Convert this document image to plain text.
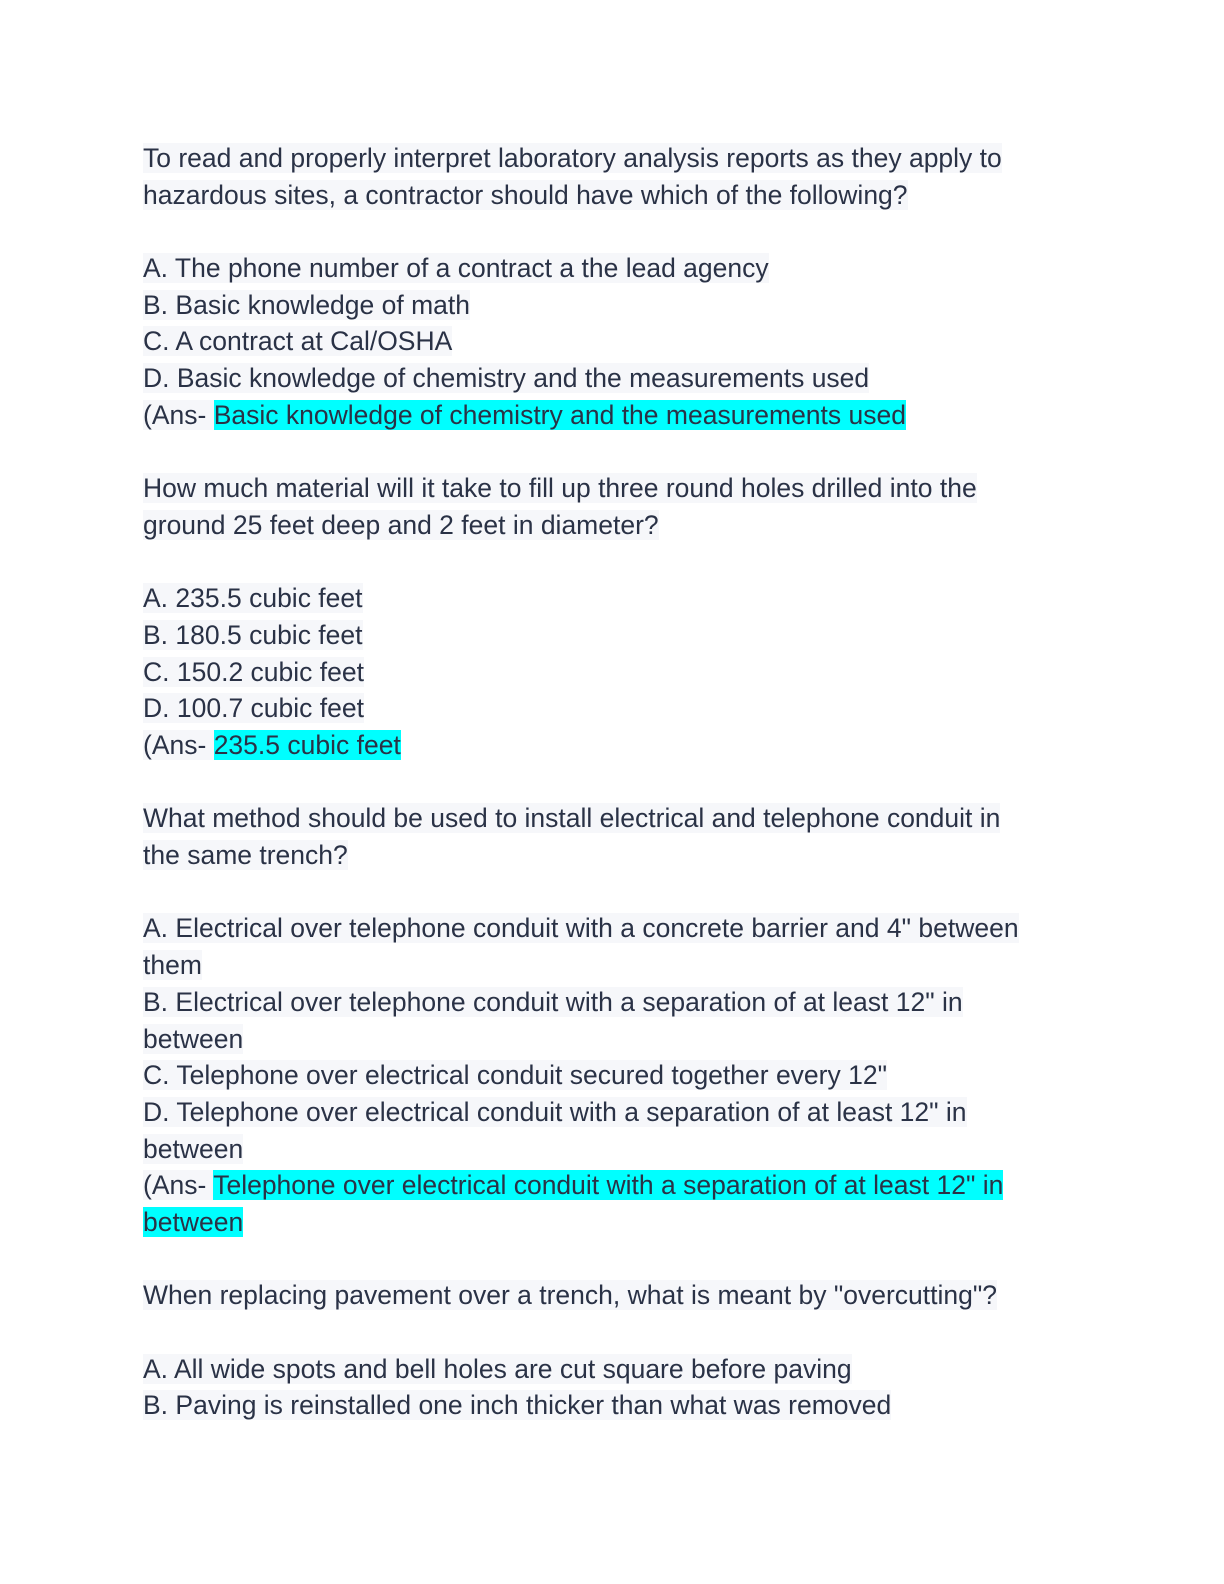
To read and properly interpret laboratory analysis reports as they apply to
hazardous sites, a contractor should have which of the following?
A. The phone number of a contract a the lead agency
B. Basic knowledge of math
C. A contract at Cal/OSHA
D. Basic knowledge of chemistry and the measurements used
(Ans- Basic knowledge of chemistry and the measurements used
How much material will it take to fill up three round holes drilled into the
ground 25 feet deep and 2 feet in diameter?
A. 235.5 cubic feet
B. 180.5 cubic feet
C. 150.2 cubic feet
D. 100.7 cubic feet
(Ans- 235.5 cubic feet
What method should be used to install electrical and telephone conduit in
the same trench?
A. Electrical over telephone conduit with a concrete barrier and 4" between
them
B. Electrical over telephone conduit with a separation of at least 12" in
between
C. Telephone over electrical conduit secured together every 12"
D. Telephone over electrical conduit with a separation of at least 12" in
between
(Ans- Telephone over electrical conduit with a separation of at least 12" in
between
When replacing pavement over a trench, what is meant by "overcutting"?
A. All wide spots and bell holes are cut square before paving
B. Paving is reinstalled one inch thicker than what was removed
